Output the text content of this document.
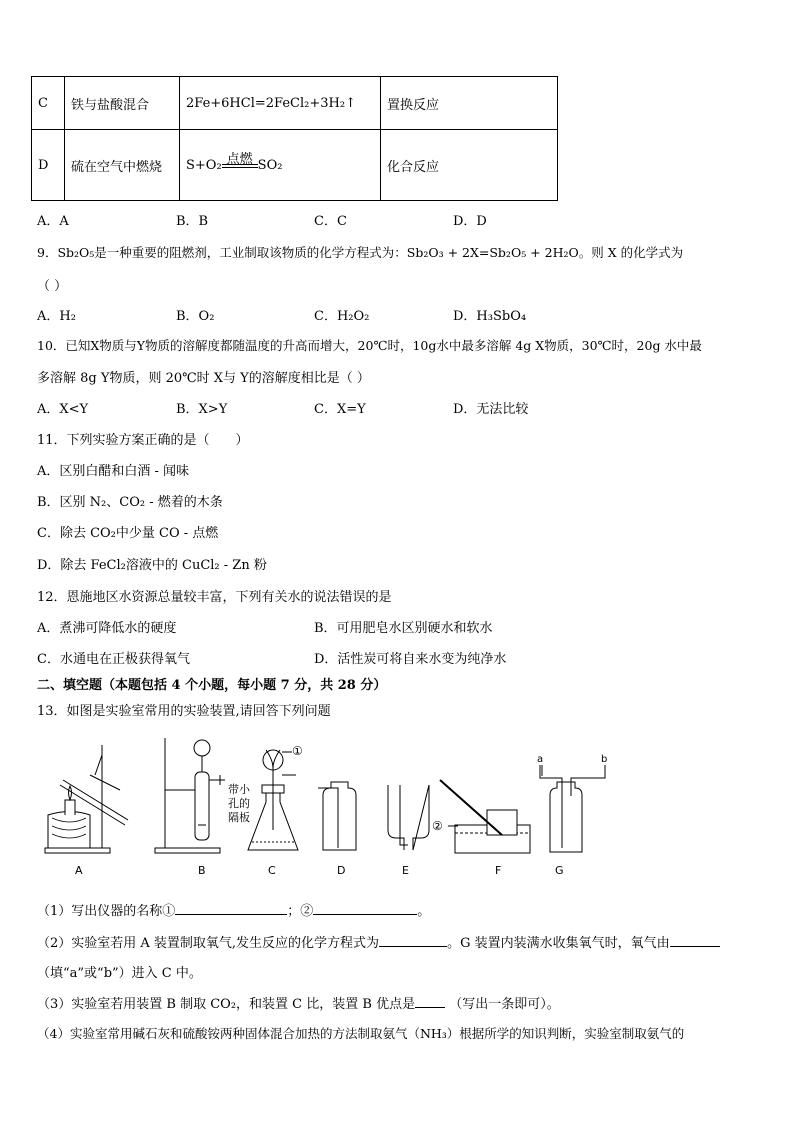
C	铁与盐酸混合	2Fe+6HCl=2FeCl₂+3H₂↑	置换反应
D	硫在空气中燃烧	S+O₂ 点燃 SO₂	化合反应
A．A	B．B	C．C	D．D
9．Sb₂O₅是一种重要的阻燃剂，工业制取该物质的化学方程式为：Sb₂O₃ + 2X=Sb₂O₅ + 2H₂O。则 X 的化学式为
（ ）
A．H₂	B．O₂	C．H₂O₂	D．H₃SbO₄
10．已知X物质与Y物质的溶解度都随温度的升高而增大，20℃时，10g水中最多溶解 4g X物质，30℃时，20g 水中最
多溶解 8g Y物质，则 20℃时 X与 Y的溶解度相比是（ ）
A．X<Y	B．X>Y	C．X=Y	D．无法比较
11．下列实验方案正确的是（　　）
A．区别白醋和白酒 - 闻味
B．区别 N₂、CO₂ - 燃着的木条
C．除去 CO₂中少量 CO - 点燃
D．除去 FeCl₂溶液中的 CuCl₂ - Zn 粉
12．恩施地区水资源总量较丰富，下列有关水的说法错误的是
A．煮沸可降低水的硬度	B．可用肥皂水区别硬水和软水
C．水通电在正极获得氧气	D．活性炭可将自来水变为纯净水
二、填空题（本题包括 4 个小题，每小题 7 分，共 28 分）
13．如图是实验室常用的实验装置,请回答下列问题
带小
孔的
隔板
①
②
a	b
A	B	C	D	E	F	G
（1）写出仪器的名称①	；②	。
（2）实验室若用 A 装置制取氧气,发生反应的化学方程式为	。G 装置内装满水收集氧气时，氧气由
（填“a”或“b”）进入 C 中。
（3）实验室若用装置 B 制取 CO₂，和装置 C 比，装置 B 优点是	（写出一条即可）。
（4）实验室常用碱石灰和硫酸铵两种固体混合加热的方法制取氨气（NH₃）根据所学的知识判断，实验室制取氨气的
